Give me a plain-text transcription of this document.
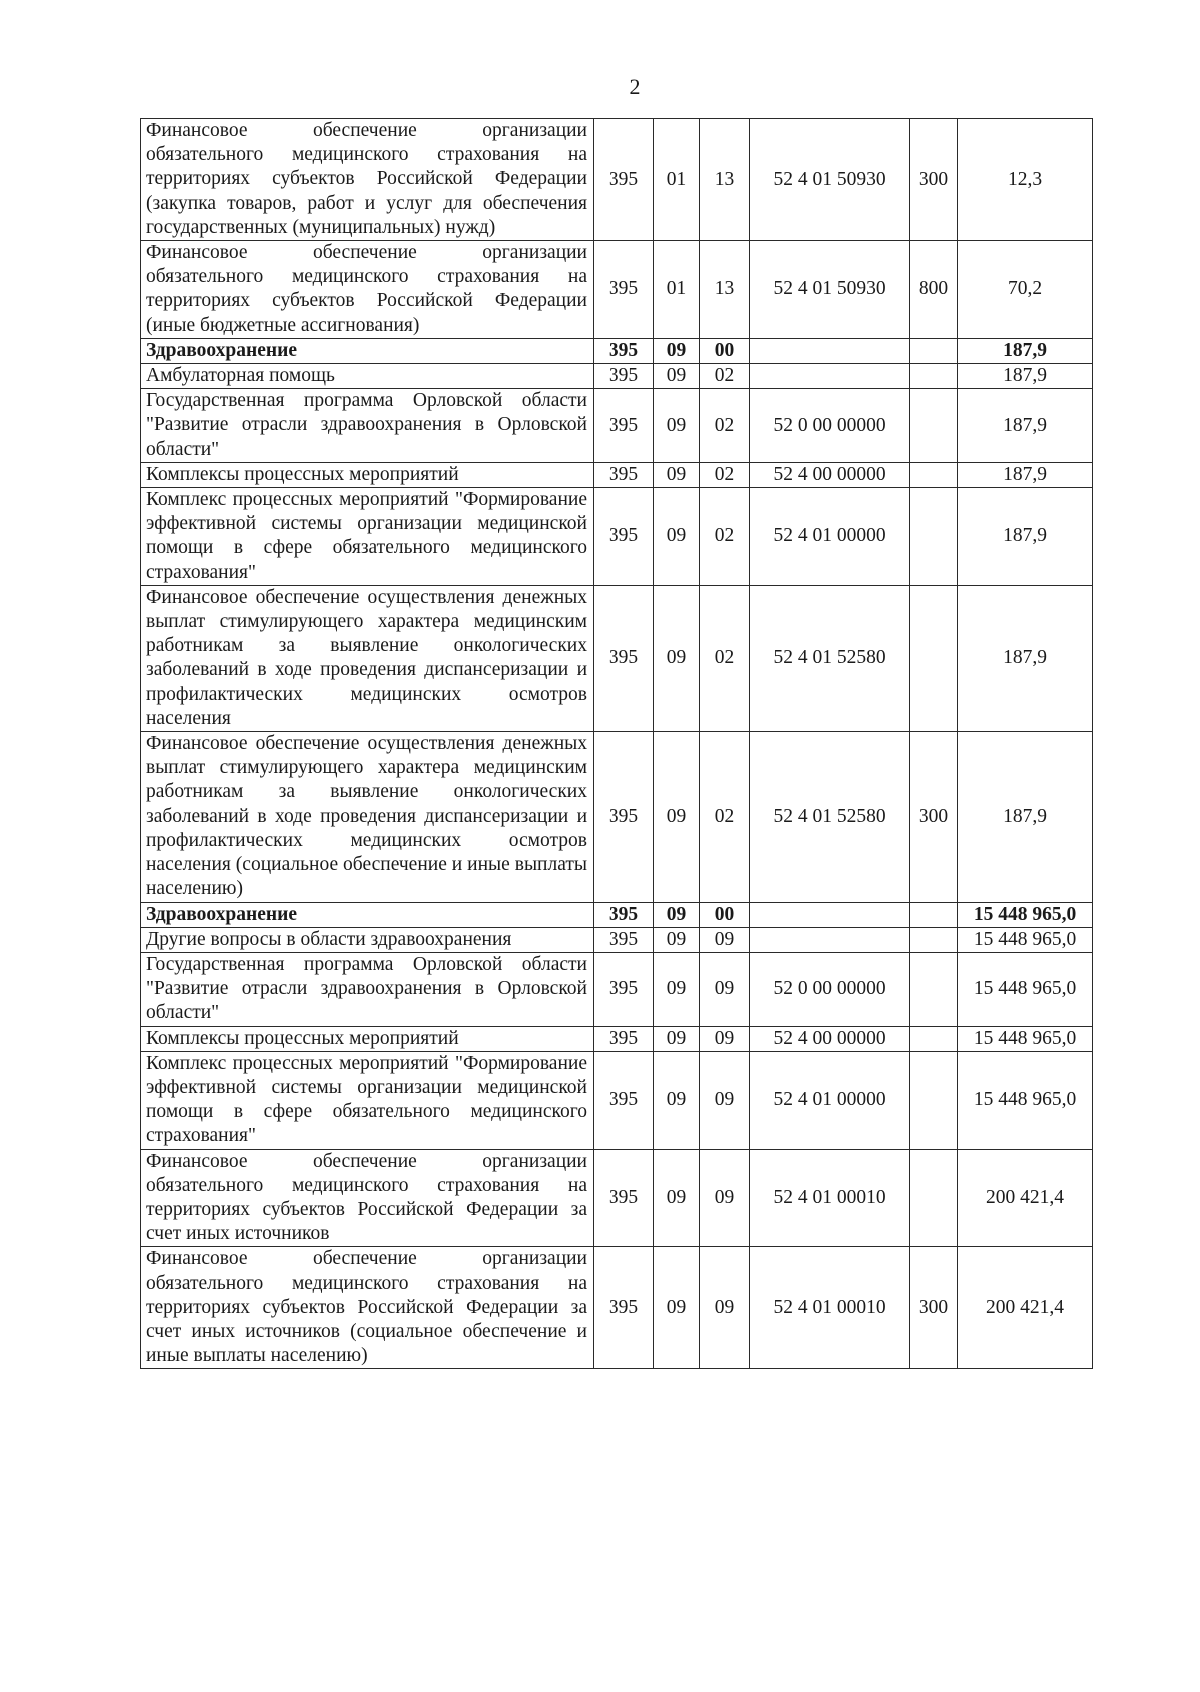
2
Финансовое обеспечение организации обязательного медицинского страхования на территориях субъектов Российской Федерации (закупка товаров, работ и услуг для обеспечения государственных (муниципальных) нужд)	395	01	13	52 4 01 50930	300	12,3
Финансовое обеспечение организации обязательного медицинского страхования на территориях субъектов Российской Федерации (иные бюджетные ассигнования)	395	01	13	52 4 01 50930	800	70,2
Здравоохранение	395	09	00			187,9
Амбулаторная помощь	395	09	02			187,9
Государственная программа Орловской области "Развитие отрасли здравоохранения в Орловской области"	395	09	02	52 0 00 00000		187,9
Комплексы процессных мероприятий	395	09	02	52 4 00 00000		187,9
Комплекс процессных мероприятий "Формирование эффективной системы организации медицинской помощи в сфере обязательного медицинского страхования"	395	09	02	52 4 01 00000		187,9
Финансовое обеспечение осуществления денежных выплат стимулирующего характера медицинским работникам за выявление онкологических заболеваний в ходе проведения диспансеризации и профилактических медицинских осмотров населения	395	09	02	52 4 01 52580		187,9
Финансовое обеспечение осуществления денежных выплат стимулирующего характера медицинским работникам за выявление онкологических заболеваний в ходе проведения диспансеризации и профилактических медицинских осмотров населения (социальное обеспечение и иные выплаты населению)	395	09	02	52 4 01 52580	300	187,9
Здравоохранение	395	09	00			15 448 965,0
Другие вопросы в области здравоохранения	395	09	09			15 448 965,0
Государственная программа Орловской области "Развитие отрасли здравоохранения в Орловской области"	395	09	09	52 0 00 00000		15 448 965,0
Комплексы процессных мероприятий	395	09	09	52 4 00 00000		15 448 965,0
Комплекс процессных мероприятий "Формирование эффективной системы организации медицинской помощи в сфере обязательного медицинского страхования"	395	09	09	52 4 01 00000		15 448 965,0
Финансовое обеспечение организации обязательного медицинского страхования на территориях субъектов Российской Федерации за счет иных источников	395	09	09	52 4 01 00010		200 421,4
Финансовое обеспечение организации обязательного медицинского страхования на территориях субъектов Российской Федерации за счет иных источников (социальное обеспечение и иные выплаты населению)	395	09	09	52 4 01 00010	300	200 421,4
